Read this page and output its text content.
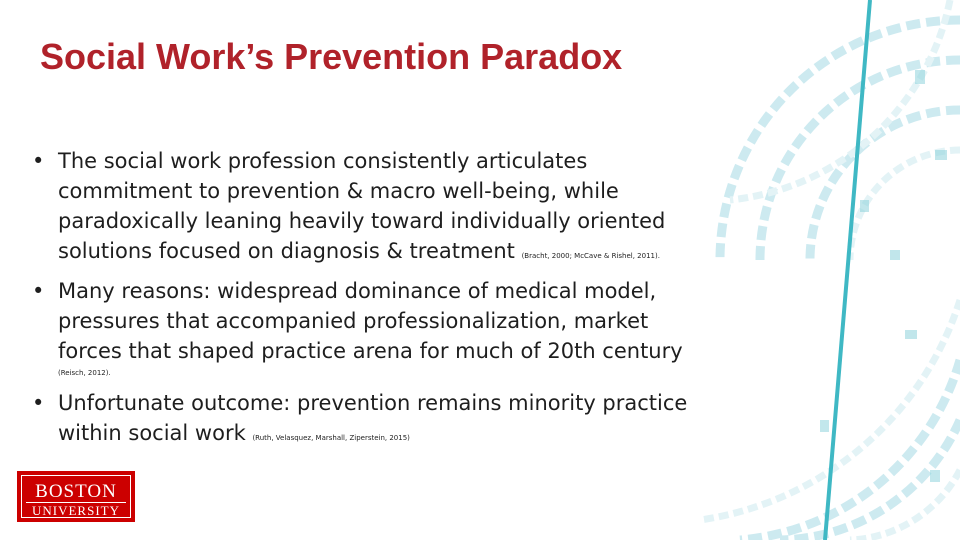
Social Work’s Prevention Paradox
• The social work profession consistently articulates commitment to prevention & macro well-being, while paradoxically leaning heavily toward individually oriented solutions focused on diagnosis & treatment (Bracht, 2000; McCave & Rishel, 2011).
• Many reasons: widespread dominance of medical model, pressures that accompanied professionalization, market forces that shaped practice arena for much of 20th century
(Reisch, 2012).
• Unfortunate outcome: prevention remains minority practice within social work (Ruth, Velasquez, Marshall, Ziperstein, 2015)
BOSTON
UNIVERSITY
